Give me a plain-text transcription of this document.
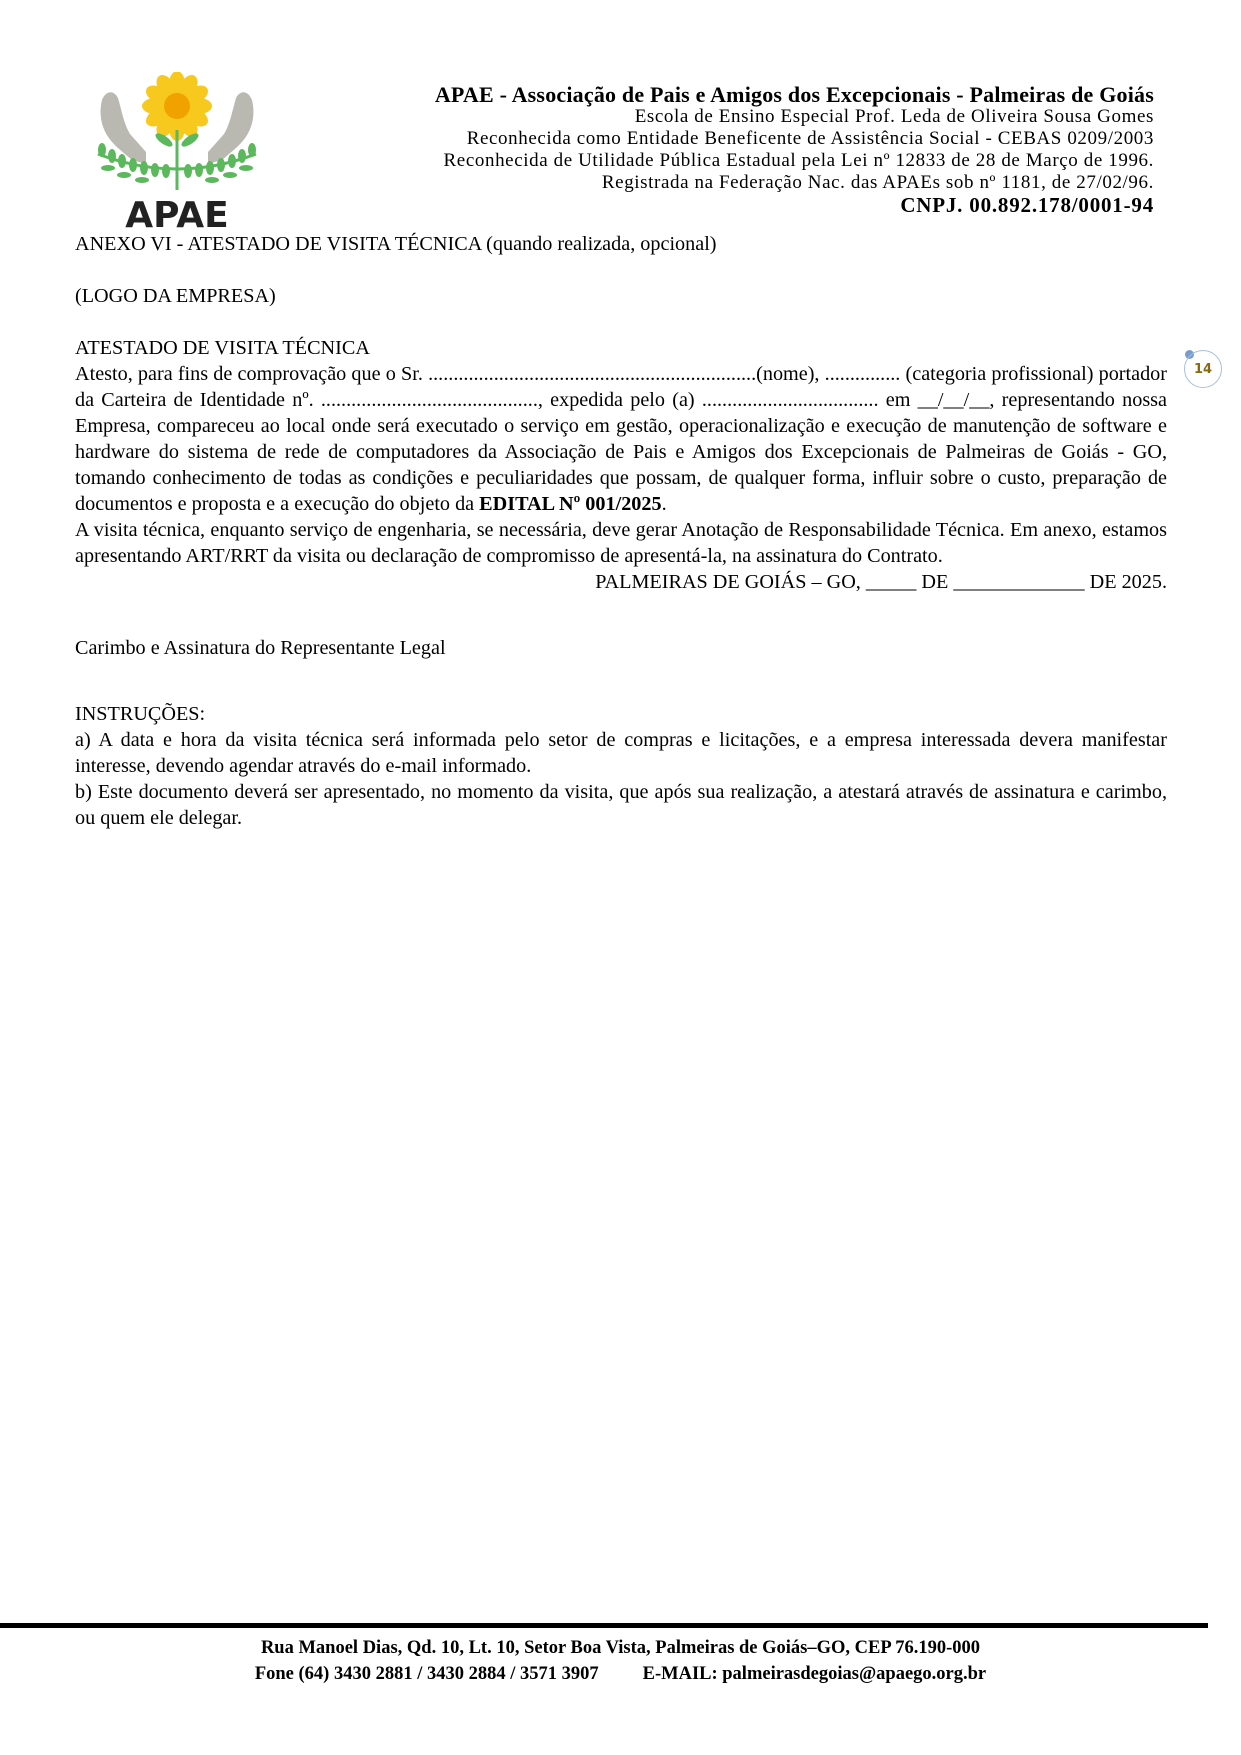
APAE
APAE - Associação de Pais e Amigos dos Excepcionais - Palmeiras de Goiás
Escola de Ensino Especial Prof. Leda de Oliveira Sousa Gomes
Reconhecida como Entidade Beneficente de Assistência Social - CEBAS 0209/2003
Reconhecida de Utilidade Pública Estadual pela Lei nº 12833 de 28 de Março de 1996.
Registrada na Federação Nac. das APAEs sob nº 1181, de 27/02/96.
CNPJ. 00.892.178/0001-94
14

ANEXO VI - ATESTADO DE VISITA TÉCNICA (quando realizada, opcional)

(LOGO DA EMPRESA)

ATESTADO DE VISITA TÉCNICA

Atesto, para fins de comprovação que o Sr. .................................................................(nome), ............... (categoria profissional) portador da Carteira de Identidade nº. ..........................................., expedida pelo (a) ................................... em __/__/__, representando nossa Empresa, compareceu ao local onde será executado o serviço em gestão, operacionalização e execução de manutenção de software e hardware do sistema de rede de computadores da Associação de Pais e Amigos dos Excepcionais de Palmeiras de Goiás - GO, tomando conhecimento de todas as condições e peculiaridades que possam, de qualquer forma, influir sobre o custo, preparação de documentos e proposta e a execução do objeto da EDITAL Nº 001/2025.

A visita técnica, enquanto serviço de engenharia, se necessária, deve gerar Anotação de Responsabilidade Técnica. Em anexo, estamos apresentando ART/RRT da visita ou declaração de compromisso de apresentá-la, na assinatura do Contrato.

PALMEIRAS DE GOIÁS – GO, _____ DE _____________ DE 2025.

Carimbo e Assinatura do Representante Legal

INSTRUÇÕES:

a) A data e hora da visita técnica será informada pelo setor de compras e licitações, e a empresa interessada devera manifestar interesse, devendo agendar através do e-mail informado.

b) Este documento deverá ser apresentado, no momento da visita, que após sua realização, a atestará através de assinatura e carimbo, ou quem ele delegar.

Rua Manoel Dias, Qd. 10, Lt. 10, Setor Boa Vista, Palmeiras de Goiás–GO, CEP 76.190-000
Fone (64) 3430 2881 / 3430 2884 / 3571 3907 E-MAIL: palmeirasdegoias@apaego.org.br
